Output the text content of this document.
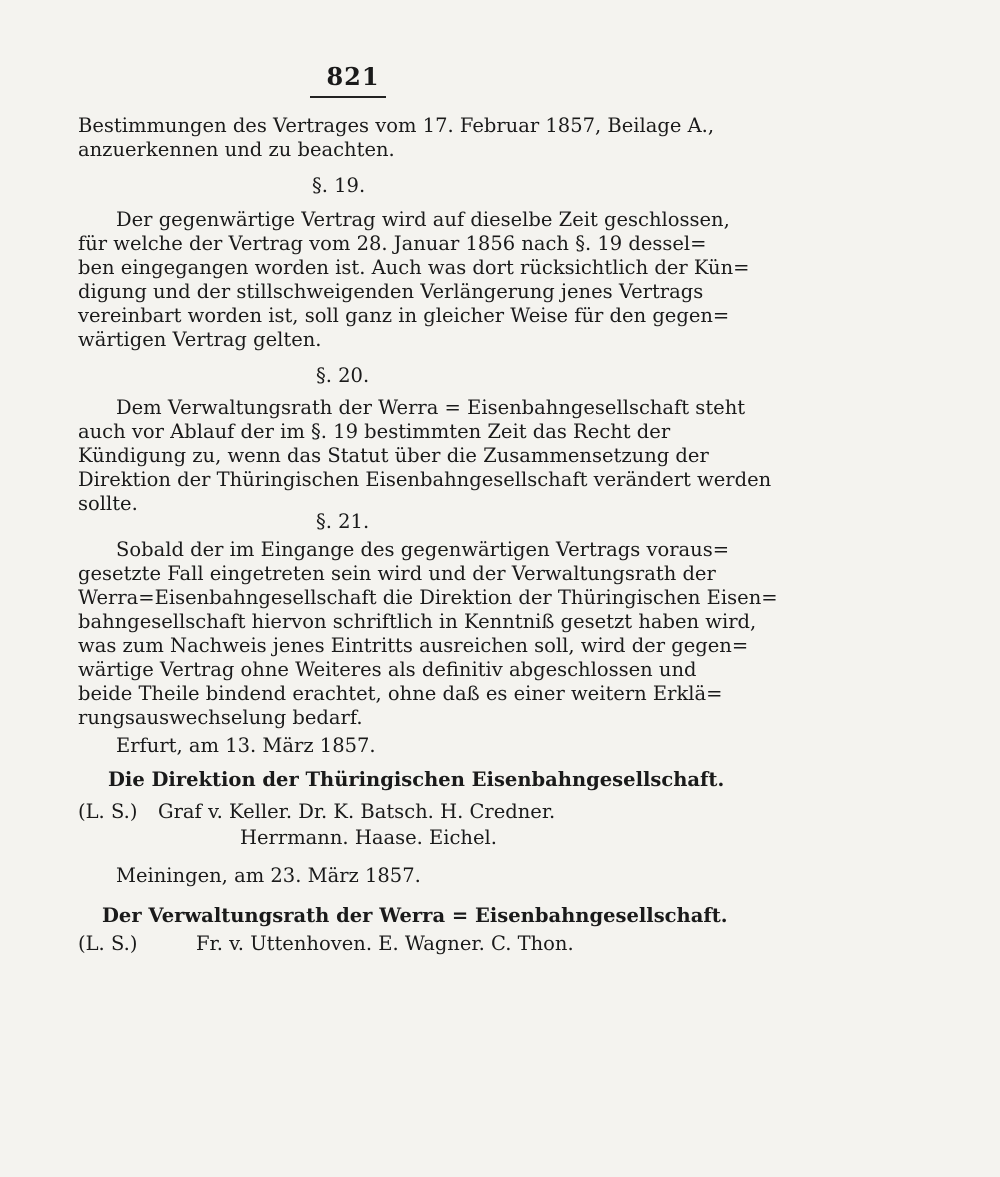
821
Bestimmungen des Vertrages vom 17. Februar 1857, Beilage A.,
anzuerkennen und zu beachten.
§. 19.
Der gegenwärtige Vertrag wird auf dieselbe Zeit geschlossen,
für welche der Vertrag vom 28. Januar 1856 nach §. 19 dessel=
ben eingegangen worden ist. Auch was dort rücksichtlich der Kün=
digung und der stillschweigenden Verlängerung jenes Vertrags
vereinbart worden ist, soll ganz in gleicher Weise für den gegen=
wärtigen Vertrag gelten.
§. 20.
Dem Verwaltungsrath der Werra = Eisenbahngesellschaft steht
auch vor Ablauf der im §. 19 bestimmten Zeit das Recht der
Kündigung zu, wenn das Statut über die Zusammensetzung der
Direktion der Thüringischen Eisenbahngesellschaft verändert werden
sollte.
§. 21.
Sobald der im Eingange des gegenwärtigen Vertrags voraus=
gesetzte Fall eingetreten sein wird und der Verwaltungsrath der
Werra=Eisenbahngesellschaft die Direktion der Thüringischen Eisen=
bahngesellschaft hiervon schriftlich in Kenntniß gesetzt haben wird,
was zum Nachweis jenes Eintritts ausreichen soll, wird der gegen=
wärtige Vertrag ohne Weiteres als definitiv abgeschlossen und
beide Theile bindend erachtet, ohne daß es einer weitern Erklä=
rungsauswechselung bedarf.
Erfurt, am 13. März 1857.
Die Direktion der Thüringischen Eisenbahngesellschaft.
(L. S.) Graf v. Keller. Dr. K. Batsch. H. Credner.
Herrmann. Haase. Eichel.
Meiningen, am 23. März 1857.
Der Verwaltungsrath der Werra = Eisenbahngesellschaft.
(L. S.)	Fr. v. Uttenhoven. E. Wagner. C. Thon.
